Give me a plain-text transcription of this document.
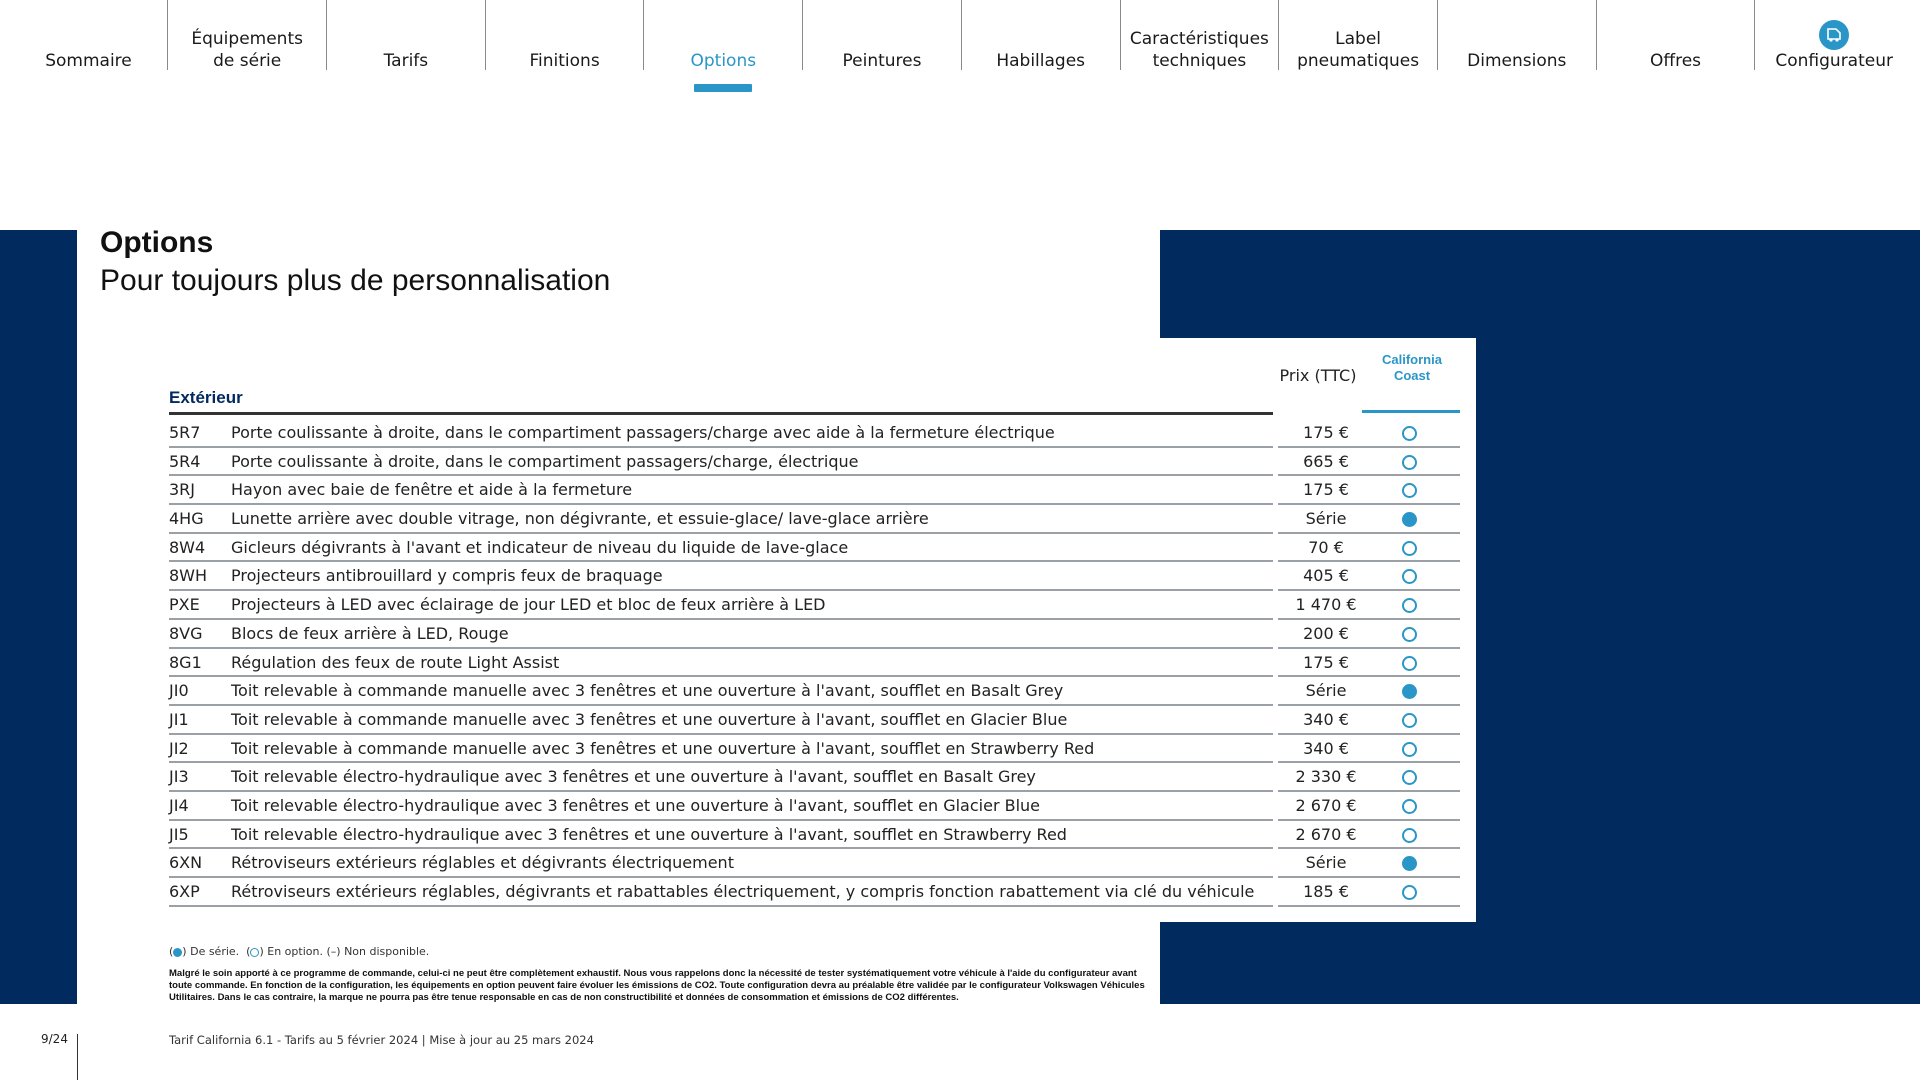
Sommaire
Équipements
de série	Tarifs	Finitions	Options	Peintures	Habillages
Caractéristiques
techniques
Label
pneumatiques	Dimensions	Offres	Configurateur
Options
Pour toujours plus de personnalisation
Prix (TTC)
California
Coast
Extérieur
5R7 Porte coulissante à droite, dans le compartiment passagers/charge avec aide à la fermeture électrique	175 €
5R4 Porte coulissante à droite, dans le compartiment passagers/charge, électrique	665 €
3RJ Hayon avec baie de fenêtre et aide à la fermeture	175 €
4HG Lunette arrière avec double vitrage, non dégivrante, et essuie-glace/ lave-glace arrière	Série
8W4 Gicleurs dégivrants à l'avant et indicateur de niveau du liquide de lave-glace	70 €
8WH Projecteurs antibrouillard y compris feux de braquage	405 €
PXE Projecteurs à LED avec éclairage de jour LED et bloc de feux arrière à LED	1 470 €
8VG Blocs de feux arrière à LED, Rouge	200 €
8G1 Régulation des feux de route Light Assist	175 €
JI0	Toit relevable à commande manuelle avec 3 fenêtres et une ouverture à l'avant, soufflet en Basalt Grey	Série
JI1	Toit relevable à commande manuelle avec 3 fenêtres et une ouverture à l'avant, soufflet en Glacier Blue	340 €
JI2	Toit relevable à commande manuelle avec 3 fenêtres et une ouverture à l'avant, soufflet en Strawberry Red	340 €
JI3	Toit relevable électro-hydraulique avec 3 fenêtres et une ouverture à l'avant, soufflet en Basalt Grey	2 330 €
JI4	Toit relevable électro-hydraulique avec 3 fenêtres et une ouverture à l'avant, soufflet en Glacier Blue	2 670 €
JI5	Toit relevable électro-hydraulique avec 3 fenêtres et une ouverture à l'avant, soufflet en Strawberry Red	2 670 €
6XN Rétroviseurs extérieurs réglables et dégivrants électriquement	Série
6XP Rétroviseurs extérieurs réglables, dégivrants et rabattables électriquement, y compris fonction rabattement via clé du véhicule	185 €
( ) De série.  ( ) En option. (–) Non disponible.
Malgré le soin apporté à ce programme de commande, celui-ci ne peut être complètement exhaustif. Nous vous rappelons donc la nécessité de tester systématiquement votre véhicule à l'aide du configurateur avant toute commande. En fonction de la configuration, les équipements en option peuvent faire évoluer les émissions de CO2. Toute configuration devra au préalable être validée par le configurateur Volkswagen Véhicules Utilitaires. Dans le cas contraire, la marque ne pourra pas être tenue responsable en cas de non constructibilité et données de consommation et émissions de CO2 différentes.
9/24	Tarif California 6.1 - Tarifs au 5 février 2024 | Mise à jour au 25 mars 2024
